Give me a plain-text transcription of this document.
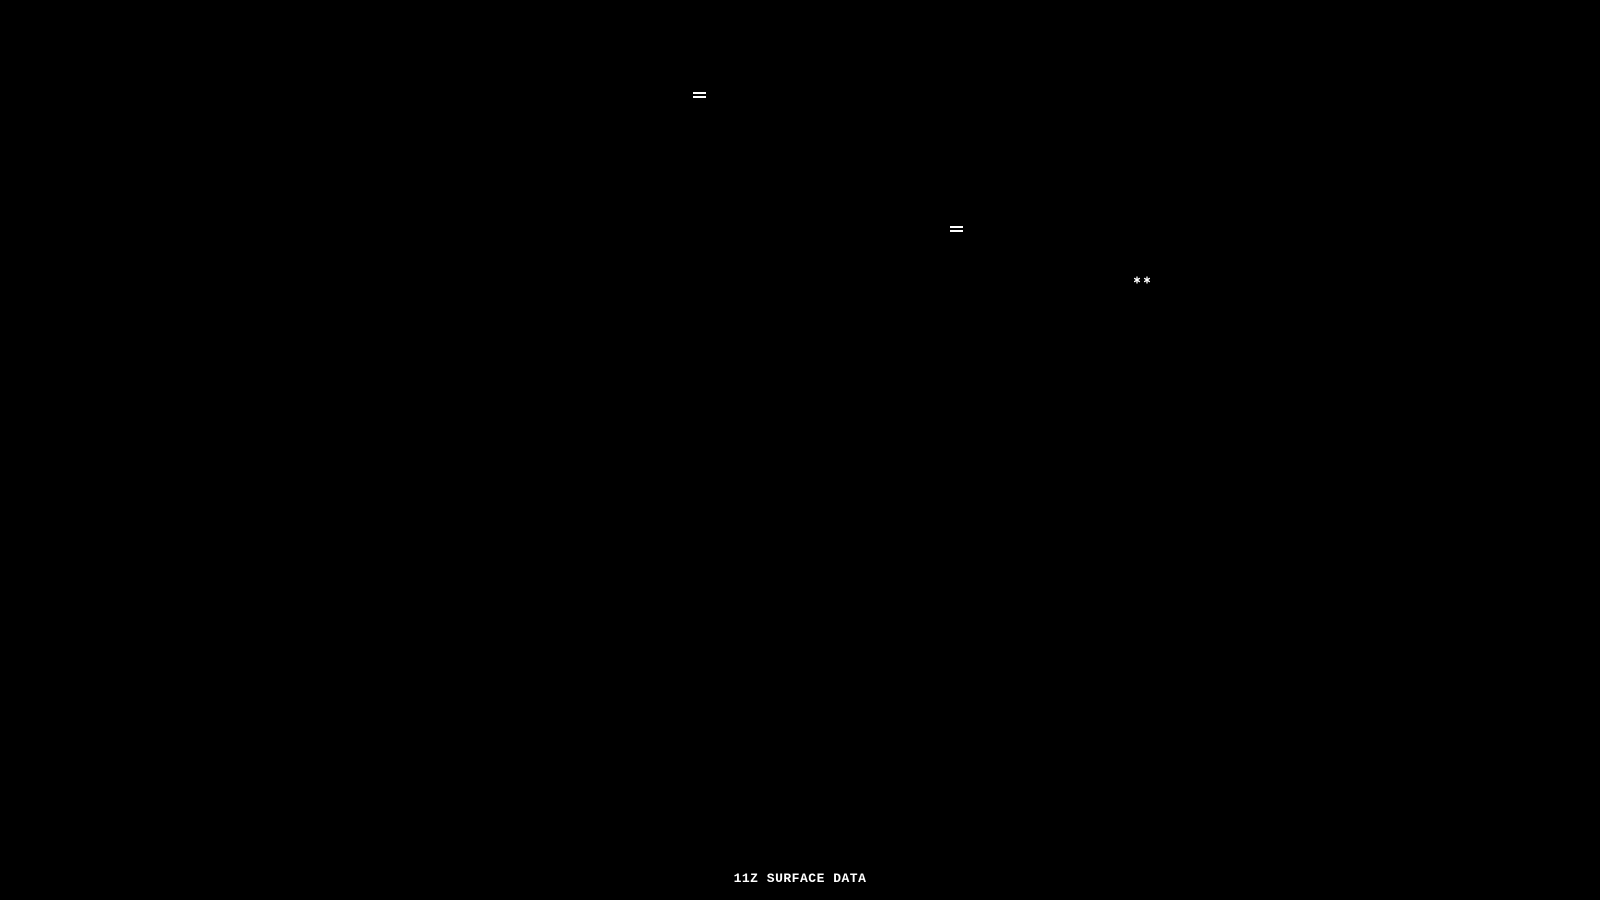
11Z SURFACE DATA
